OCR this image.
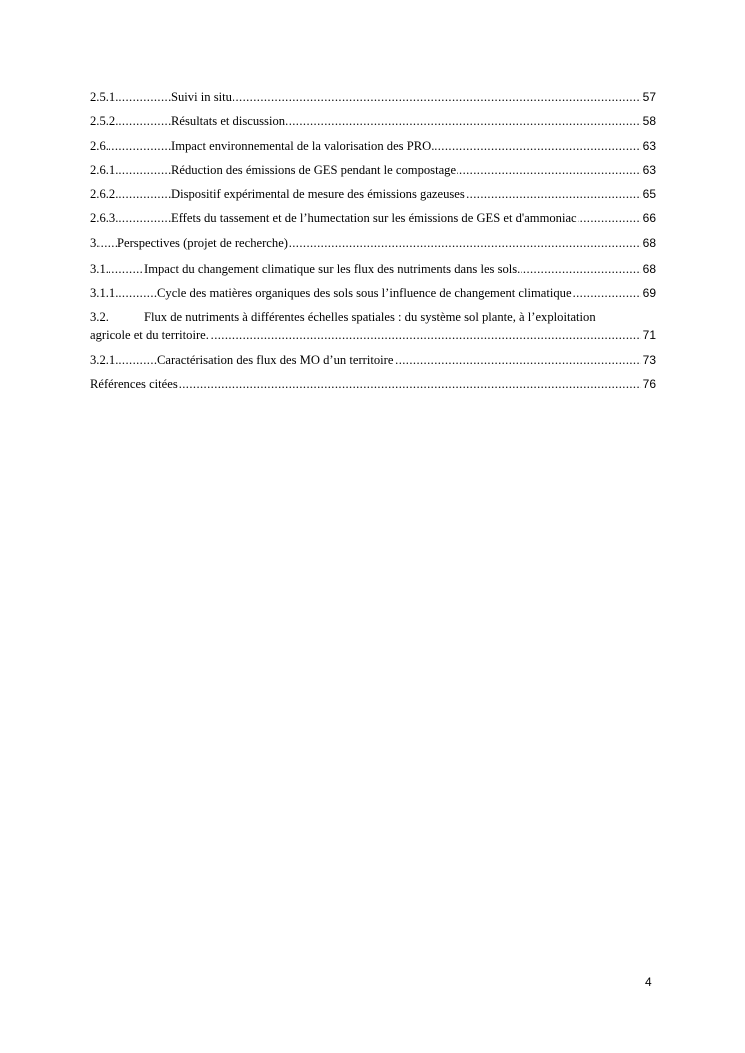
.....
2.5.1.	Suivi in situ	57
.....
2.5.2.	Résultats et discussion	58
.....
2.6.	Impact environnemental de la valorisation des PRO.	63
.....
2.6.1.	Réduction des émissions de GES pendant le compostage	63
.....
2.6.2.	Dispositif expérimental de mesure des émissions gazeuses	65
.....
2.6.3.	Effets du tassement et de l’humectation sur les émissions de GES et d'ammoniac	66
.....
3. Perspectives (projet de recherche)	68
.....
3.1.	Impact du changement climatique sur les flux des nutriments dans les sols.	68
.....
3.1.1.	Cycle des matières organiques des sols sous l’influence de changement climatique	69
3.2.	Flux de nutriments à différentes échelles spatiales : du système sol plante, à l’exploitation
.....
agricole et du territoire.	71
.....
3.2.1.	Caractérisation des flux des MO d’un territoire	73
.....
Références citées	76
4
